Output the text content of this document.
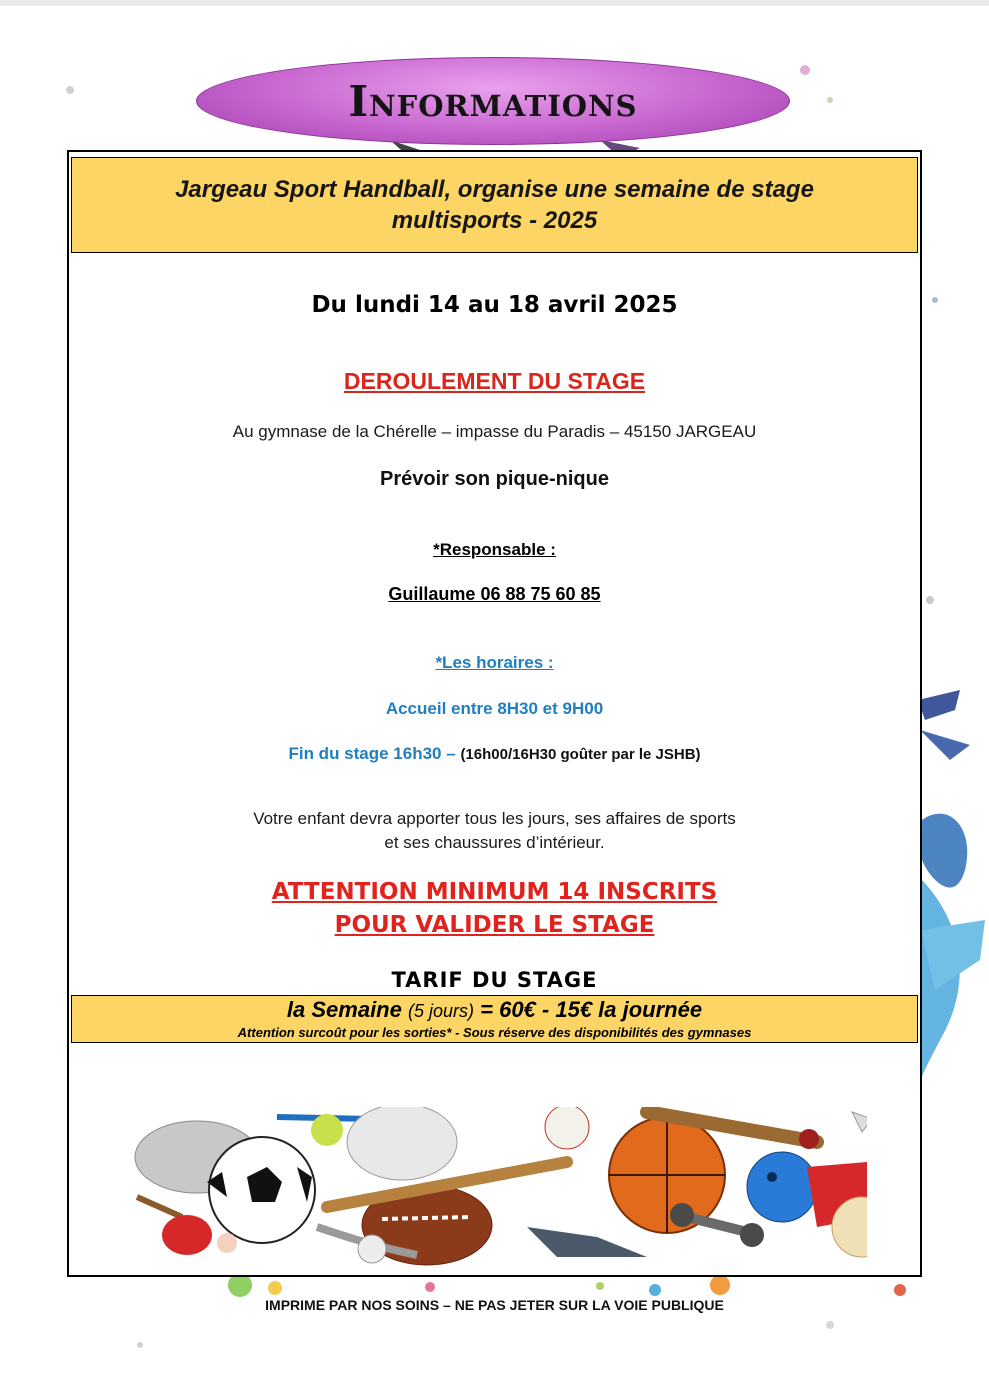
Informations
Jargeau Sport Handball, organise une semaine de stage
multisports - 2025
Du lundi 14 au 18 avril 2025
DEROULEMENT DU STAGE
Au gymnase de la Chérelle – impasse du Paradis – 45150 JARGEAU
Prévoir son pique-nique
*Responsable :
Guillaume 06 88 75 60 85
*Les horaires :
Accueil entre 8H30 et 9H00
Fin du stage 16h30 – (16h00/16H30 goûter par le JSHB)
Votre enfant devra apporter tous les jours, ses affaires de sports
et ses chaussures d’intérieur.
ATTENTION MINIMUM 14 INSCRITS
POUR VALIDER LE STAGE
TARIF DU STAGE
la Semaine (5 jours) = 60€ - 15€ la journée
Attention surcoût pour les sorties* - Sous réserve des disponibilités des gymnases
IMPRIME PAR NOS SOINS – NE PAS JETER SUR LA VOIE PUBLIQUE
